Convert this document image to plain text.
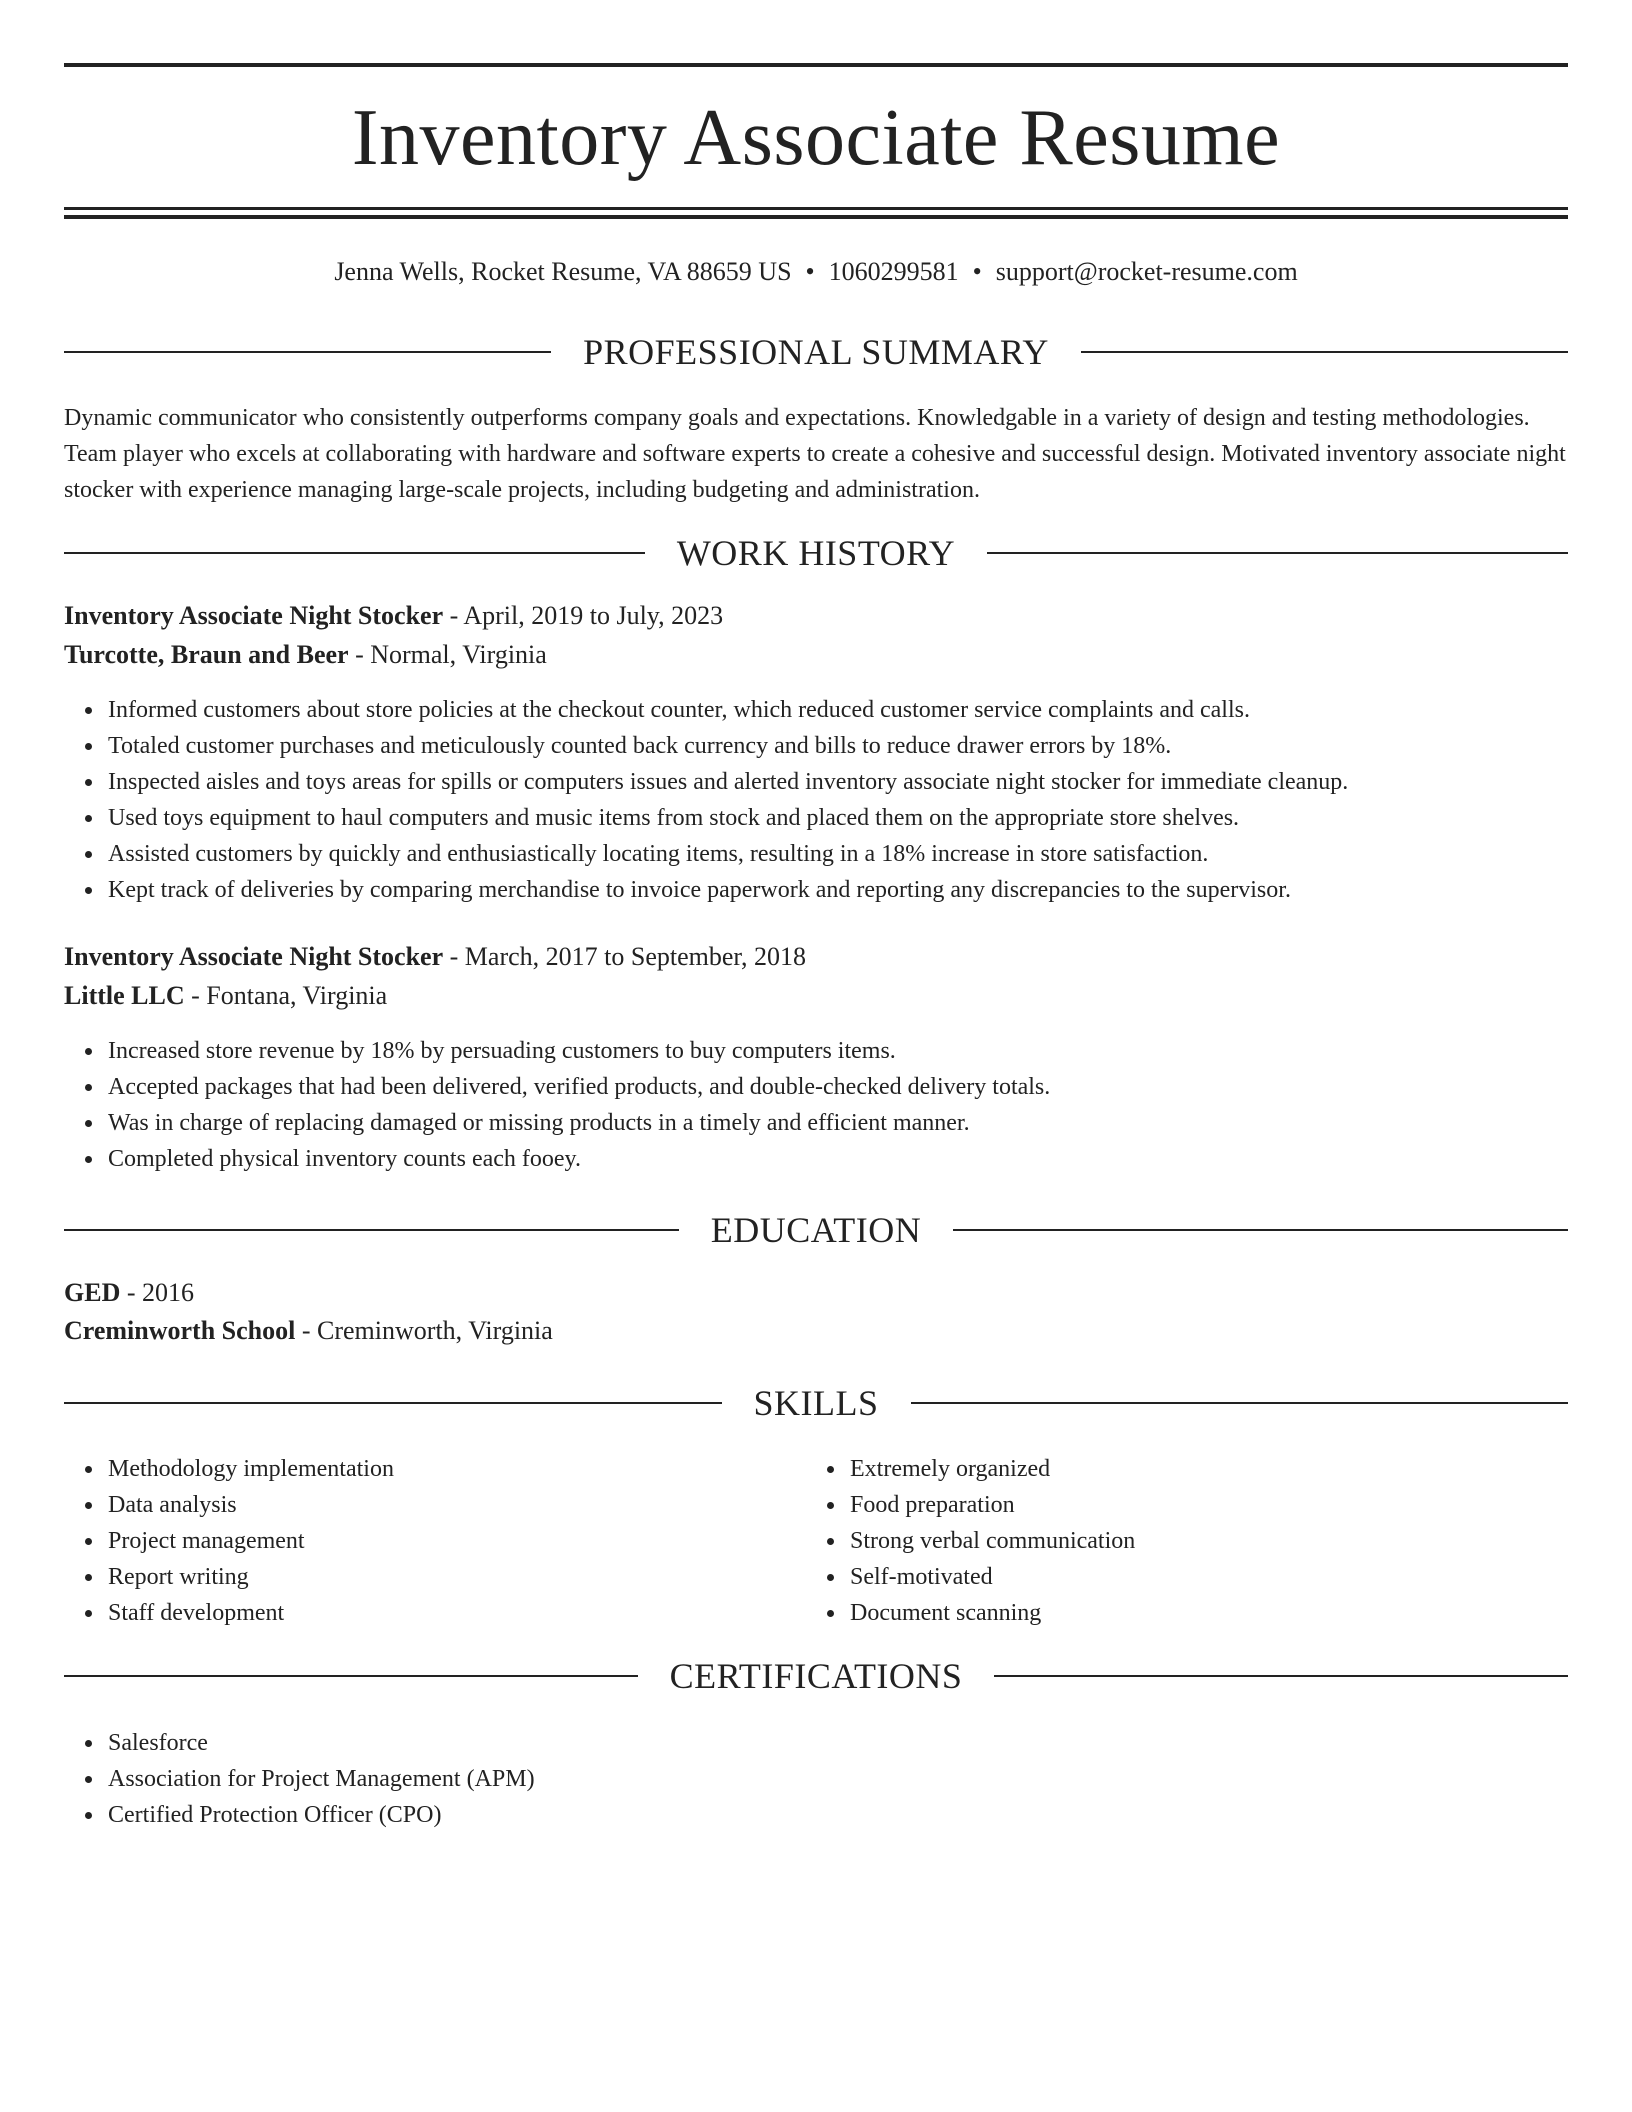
Inventory Associate Resume
Jenna Wells, Rocket Resume, VA 88659 US • 1060299581 • support@rocket-resume.com
PROFESSIONAL SUMMARY
Dynamic communicator who consistently outperforms company goals and expectations. Knowledgable in a variety of design and testing methodologies. Team player who excels at collaborating with hardware and software experts to create a cohesive and successful design. Motivated inventory associate night stocker with experience managing large-scale projects, including budgeting and administration.
WORK HISTORY
Inventory Associate Night Stocker - April, 2019 to July, 2023
Turcotte, Braun and Beer - Normal, Virginia
Informed customers about store policies at the checkout counter, which reduced customer service complaints and calls.
Totaled customer purchases and meticulously counted back currency and bills to reduce drawer errors by 18%.
Inspected aisles and toys areas for spills or computers issues and alerted inventory associate night stocker for immediate cleanup.
Used toys equipment to haul computers and music items from stock and placed them on the appropriate store shelves.
Assisted customers by quickly and enthusiastically locating items, resulting in a 18% increase in store satisfaction.
Kept track of deliveries by comparing merchandise to invoice paperwork and reporting any discrepancies to the supervisor.
Inventory Associate Night Stocker - March, 2017 to September, 2018
Little LLC - Fontana, Virginia
Increased store revenue by 18% by persuading customers to buy computers items.
Accepted packages that had been delivered, verified products, and double-checked delivery totals.
Was in charge of replacing damaged or missing products in a timely and efficient manner.
Completed physical inventory counts each fooey.
EDUCATION
GED - 2016
Creminworth School - Creminworth, Virginia
SKILLS
Methodology implementation
Data analysis
Project management
Report writing
Staff development
Extremely organized
Food preparation
Strong verbal communication
Self-motivated
Document scanning
CERTIFICATIONS
Salesforce
Association for Project Management (APM)
Certified Protection Officer (CPO)
